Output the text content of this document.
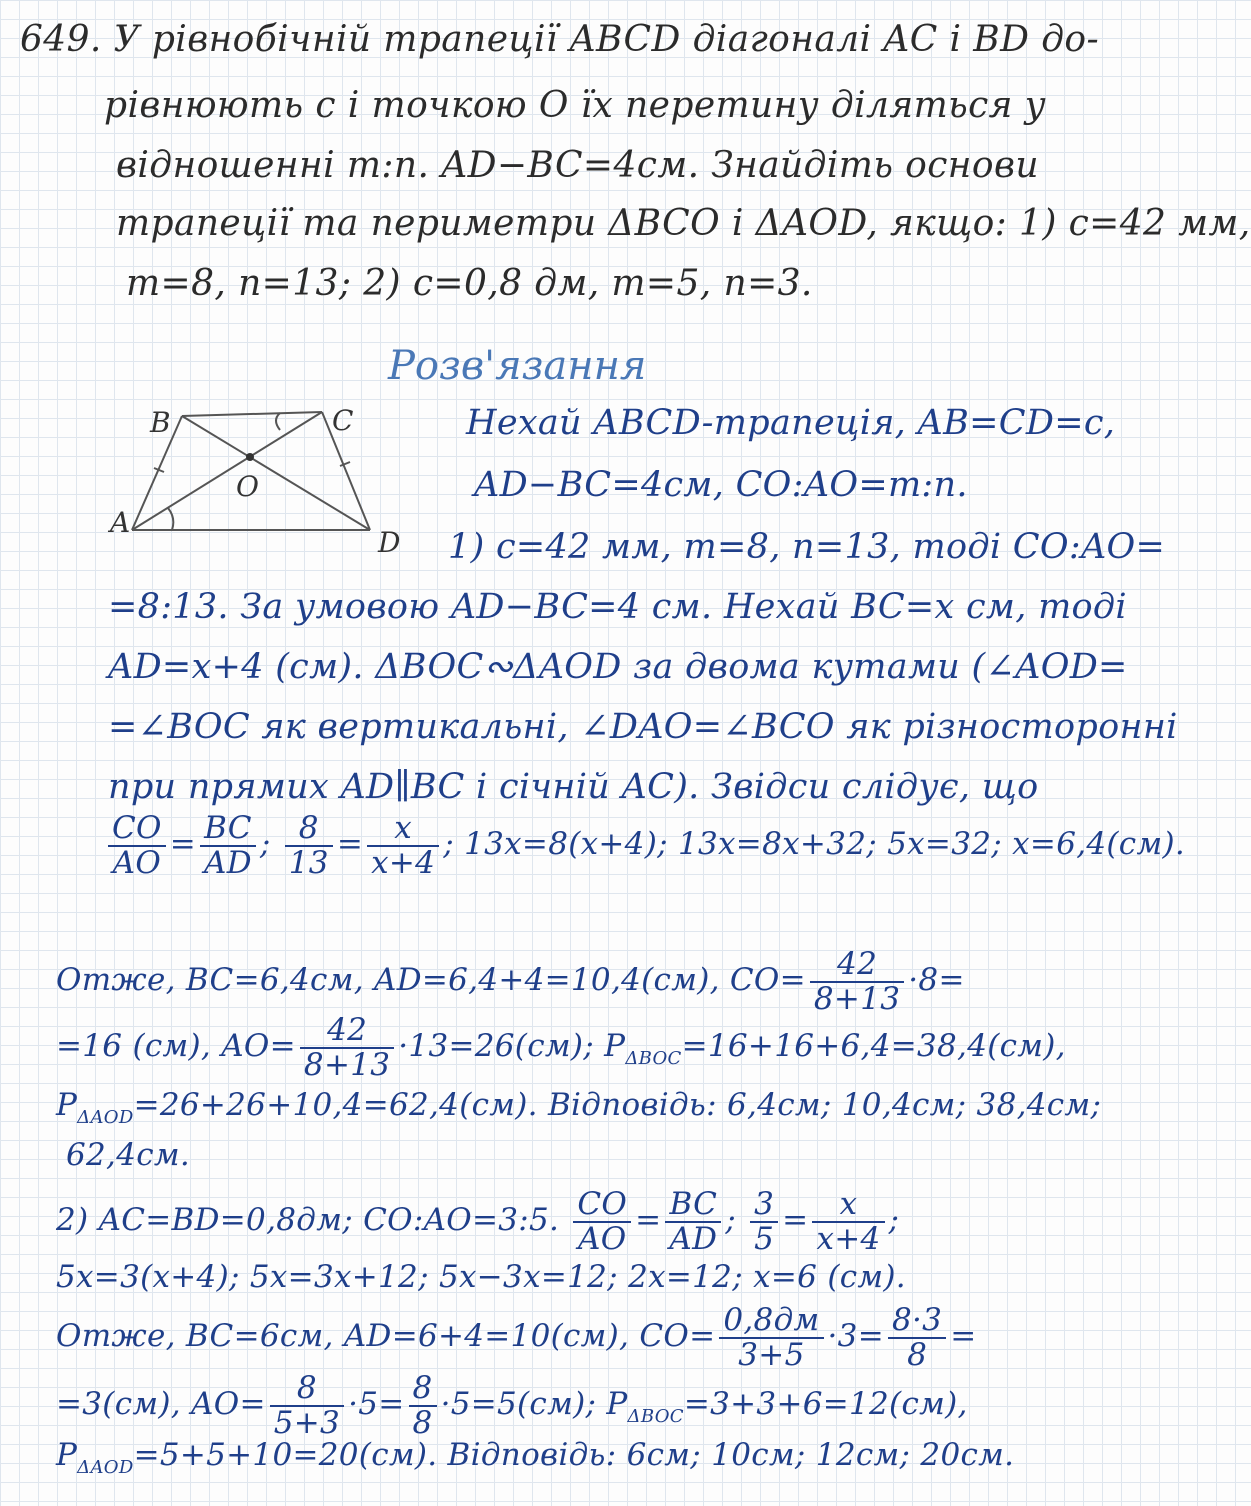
649. У рівнобічній трапеції ABCD діагоналі AC і BD до-
рівнюють c і точкою O їх перетину діляться у
відношенні m:n. AD−BC=4см. Знайдіть основи
трапеції та периметри ΔBCO і ΔAOD, якщо: 1) c=42 мм,
m=8, n=13; 2) c=0,8 дм, m=5, n=3.
Розв'язання
B	C
O
A
D
Нехай ABCD-трапеція, AB=CD=c,
AD−BC=4см, CO:AO=m:n.
1) c=42 мм, m=8, n=13, тоді CO:AO=
=8:13. За умовою AD−BC=4 см. Нехай BC=x см, тоді
AD=x+4 (см). ΔBOC∾ΔAOD за двома кутами (∠AOD=
=∠BOC як вертикальні, ∠DAO=∠BCO як різносторонні
при прямих AD∥BC і січній AC). Звідси слідує, що
$\frac{CO}{AO} = \frac{BC}{AD}$ ; $\frac{8}{13} = \frac{x}{x+4}$ ; 13x=8(x+4); 13x=8x+32; 5x=32; x=6,4(см).
Отже, BC=6,4см, AD=6,4+4=10,4(см), $CO= \frac{42}{8+13} \cdot 8=$
=16 (см), $AO= \frac{42}{8+13} \cdot 13=26(см)$; $P_{\Delta BOC}=16+16+6,4=38,4(см)$,
$P_{\Delta AOD}=26+26+10,4=62,4(см)$. Відповідь: 6,4см; 10,4см; 38,4см;
62,4см.
2) AC=BD=0,8дм; CO:AO=3:5. $\frac{CO}{AO} = \frac{BC}{AD}$ ; $\frac{3}{5} = \frac{x}{x+4}$ ;
5x=3(x+4); 5x=3x+12; 5x−3x=12; 2x=12; x=6 (см).
Отже, BC=6см, AD=6+4=10(см), $CO= \frac{0,8дм}{3+5} \cdot 3= \frac{8\cdot 3}{8}$ =
=3(см), $AO= \frac{8}{5+3} \cdot 5= \frac{8}{8} \cdot 5=5(см)$; $P_{\Delta BOC}=3+3+6=12(см)$,
$P_{\Delta AOD}=5+5+10=20(см)$. Відповідь: 6см; 10см; 12см; 20см.
